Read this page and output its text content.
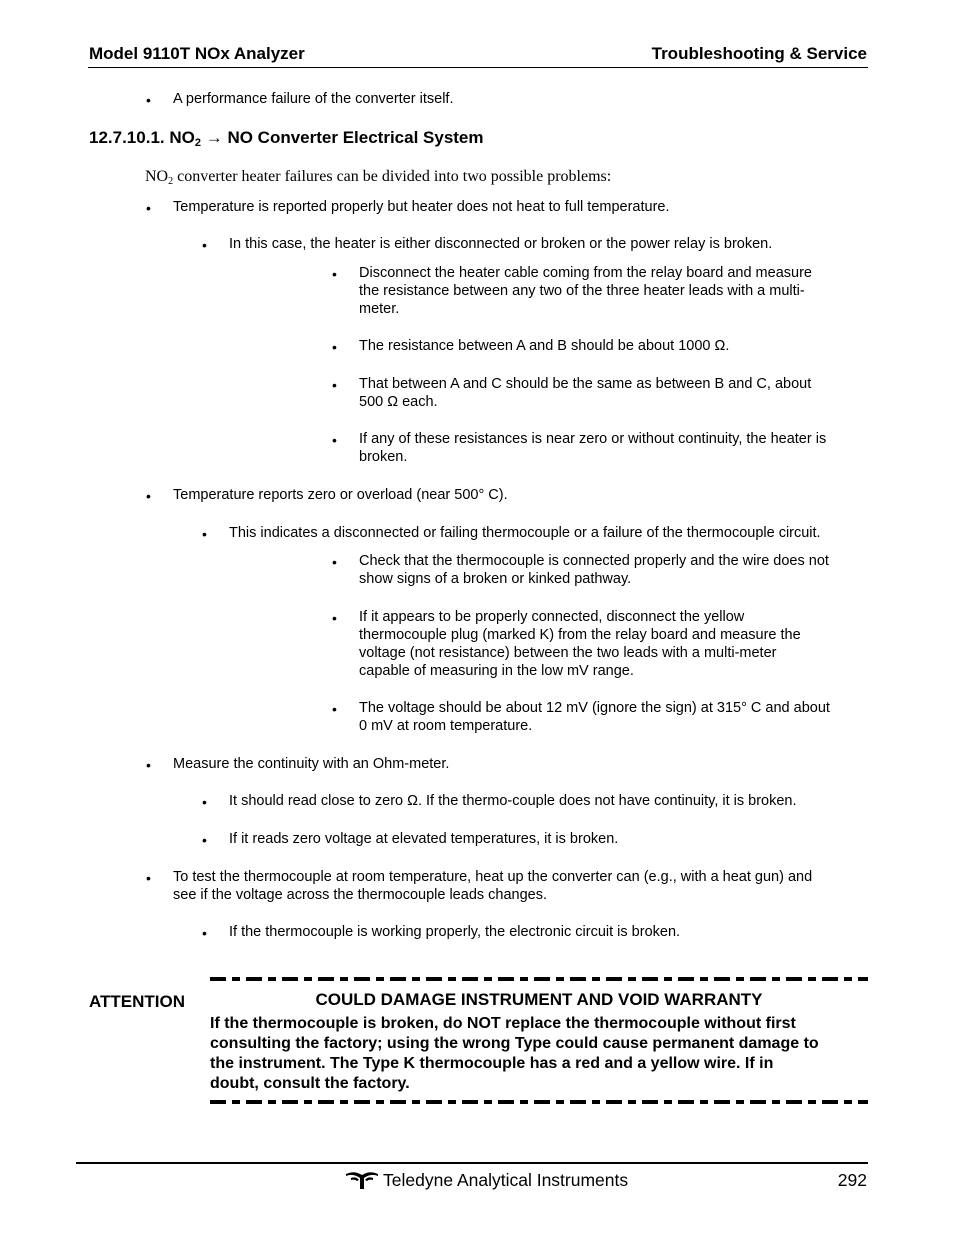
Model 9110T NOx Analyzer	Troubleshooting & Service
• A performance failure of the converter itself.
12.7.10.1. $NO_2$ → NO Converter Electrical System
$NO_2$ converter heater failures can be divided into two possible problems:
• Temperature is reported properly but heater does not heat to full temperature.
• In this case, the heater is either disconnected or broken or the power relay is broken.
• Disconnect the heater cable coming from the relay board and measure
the resistance between any two of the three heater leads with a multi-
meter.
• The resistance between A and B should be about 1000 Ω.
• That between A and C should be the same as between B and C, about
500 Ω each.
• If any of these resistances is near zero or without continuity, the heater is
broken.
• Temperature reports zero or overload (near 500° C).
• This indicates a disconnected or failing thermocouple or a failure of the thermocouple circuit.
• Check that the thermocouple is connected properly and the wire does not
show signs of a broken or kinked pathway.
• If it appears to be properly connected, disconnect the yellow
thermocouple plug (marked K) from the relay board and measure the
voltage (not resistance) between the two leads with a multi-meter
capable of measuring in the low mV range.
• The voltage should be about 12 mV (ignore the sign) at 315° C and about
0 mV at room temperature.
• Measure the continuity with an Ohm-meter.
• It should read close to zero Ω. If the thermo-couple does not have continuity, it is broken.
• If it reads zero voltage at elevated temperatures, it is broken.
• To test the thermocouple at room temperature, heat up the converter can (e.g., with a heat gun) and
see if the voltage across the thermocouple leads changes.
• If the thermocouple is working properly, the electronic circuit is broken.
ATTENTION	COULD DAMAGE INSTRUMENT AND VOID WARRANTY
If the thermocouple is broken, do NOT replace the thermocouple without first
consulting the factory; using the wrong Type could cause permanent damage to
the instrument. The Type K thermocouple has a red and a yellow wire. If in
doubt, consult the factory.
Teledyne Analytical Instruments	292
